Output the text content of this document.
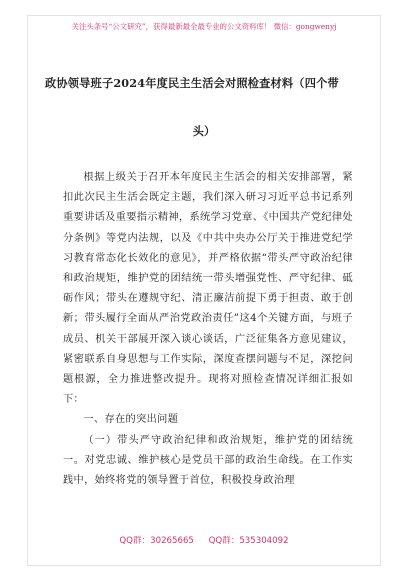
关注头条号“公文研究”，获得最新最全最专业的公文资料库！ 微信：gongwenyj
政协领导班子2024年度民主生活会对照检查材料（四个带
头）

根据上级关于召开本年度民主生活会的相关安排部署，紧扣此次民主生活会既定主题，我们深入研习习近平总书记系列重要讲话及重要指示精神，系统学习党章、《中国共产党纪律处分条例》等党内法规，以及《中共中央办公厅关于推进党纪学习教育常态化长效化的意见》，并严格依据“带头严守政治纪律和政治规矩，维护党的团结统一带头增强党性、严守纪律、砥砺作风；带头在遵规守纪、清正廉洁前提下勇于担责、敢于创新；带头履行全面从严治党政治责任”这4个关键方面，与班子成员、机关干部展开深入谈心谈话，广泛征集各方意见建议，紧密联系自身思想与工作实际，深度查摆问题与不足，深挖问题根源，全力推进整改提升。现将对照检查情况详细汇报如下：

一、存在的突出问题

（一）带头严守政治纪律和政治规矩，维护党的团结统一。对党忠诚、维护核心是党员干部的政治生命线。在工作实践中，始终将党的领导置于首位，积极投身政治理

QQ群：30265665 QQ群：535304092
